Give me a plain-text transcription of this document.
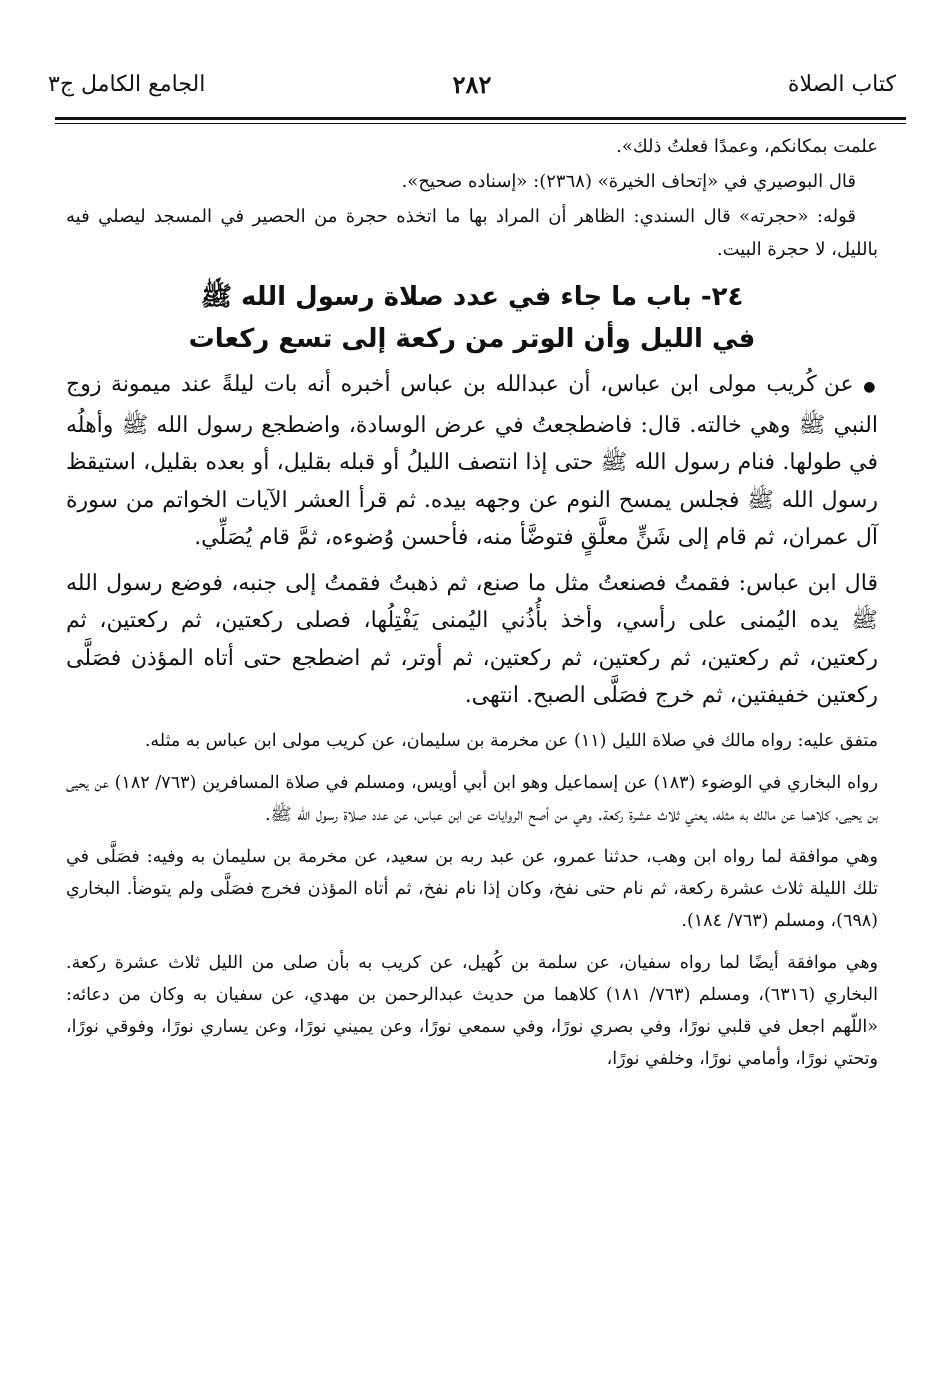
كتاب الصلاة
٢٨٢
الجامع الكامل ج٣

علمت بمكانكم، وعمدًا فعلتُ ذلك».

قال البوصيري في «إتحاف الخيرة» (٢٣٦٨): «إسناده صحيح».

قوله: «حجرته» قال السندي: الظاهر أن المراد بها ما اتخذه حجرة من الحصير في المسجد ليصلي فيه بالليل، لا حجرة البيت.

٢٤- باب ما جاء في عدد صلاة رسول الله ﷺ
في الليل وأن الوتر من ركعة إلى تسع ركعات

● عن كُريب مولى ابن عباس، أن عبدالله بن عباس أخبره أنه بات ليلةً عند ميمونة زوج النبي ﷺ وهي خالته. قال: فاضطجعتُ في عرض الوسادة، واضطجع رسول الله ﷺ وأهلُه في طولها. فنام رسول الله ﷺ حتى إذا انتصف الليلُ أو قبله بقليل، أو بعده بقليل، استيقظ رسول الله ﷺ فجلس يمسح النوم عن وجهه بيده. ثم قرأ العشر الآيات الخواتم من سورة آل عمران، ثم قام إلى شَنٍّ معلَّقٍ فتوضَّأ منه، فأحسن وُضوءه، ثمَّ قام يُصَلِّي.

قال ابن عباس: فقمتُ فصنعتُ مثل ما صنع، ثم ذهبتُ فقمتُ إلى جنبه، فوضع رسول الله ﷺ يده اليُمنى على رأسي، وأخذ بأُذُني اليُمنى يَفْتِلُها، فصلى ركعتين، ثم ركعتين، ثم ركعتين، ثم ركعتين، ثم ركعتين، ثم ركعتين، ثم أوتر، ثم اضطجع حتى أتاه المؤذن فصَلَّى ركعتين خفيفتين، ثم خرج فصَلَّى الصبح. انتهى.

متفق عليه: رواه مالك في صلاة الليل (١١) عن مخرمة بن سليمان، عن كريب مولى ابن عباس به مثله.

رواه البخاري في الوضوء (١٨٣) عن إسماعيل وهو ابن أبي أويس، ومسلم في صلاة المسافرين (٧٦٣/ ١٨٢) عن يحيى بن يحيى، كلاهما عن مالك به مثله، يعني ثلاث عشرة ركعة. وهي من أصح الروايات عن ابن عباس، عن عدد صلاة رسول الله ﷺ.

وهي موافقة لما رواه ابن وهب، حدثنا عمرو، عن عبد ربه بن سعيد، عن مخرمة بن سليمان به وفيه: فصَلَّى في تلك الليلة ثلاث عشرة ركعة، ثم نام حتى نفخ، وكان إذا نام نفخ، ثم أتاه المؤذن فخرج فصَلَّى ولم يتوضأ. البخاري (٦٩٨)، ومسلم (٧٦٣/ ١٨٤).

وهي موافقة أيضًا لما رواه سفيان، عن سلمة بن كُهيل، عن كريب به بأن صلى من الليل ثلاث عشرة ركعة. البخاري (٦٣١٦)، ومسلم (٧٦٣/ ١٨١) كلاهما من حديث عبدالرحمن بن مهدي، عن سفيان به وكان من دعائه: «اللّهم اجعل في قلبي نورًا، وفي بصري نورًا، وفي سمعي نورًا، وعن يميني نورًا، وعن يساري نورًا، وفوقي نورًا، وتحتي نورًا، وأمامي نورًا، وخلفي نورًا،
